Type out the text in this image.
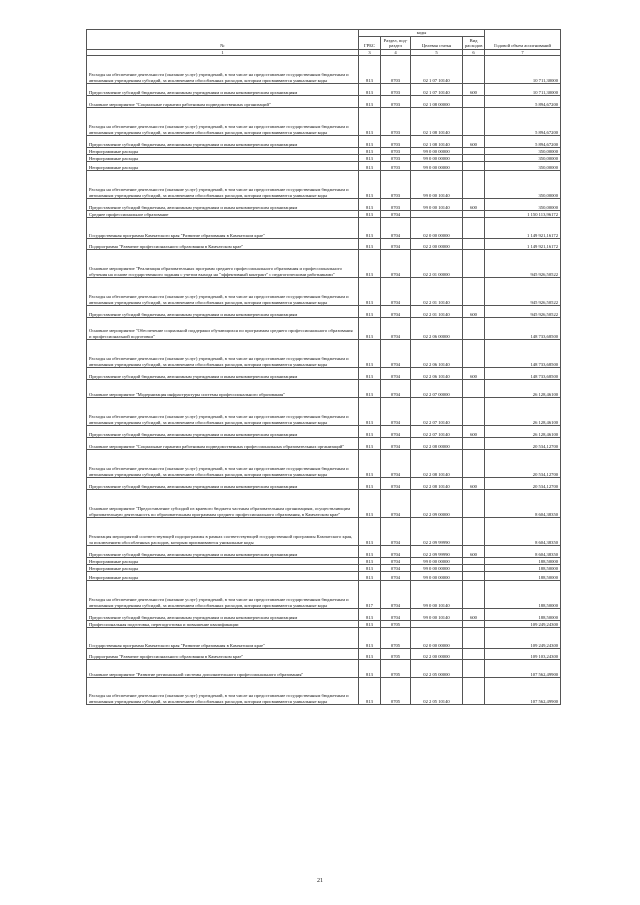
№	коды				Годовой объем ассигнований
	ГРБС	Раздел, под-раздел	Целевая статья	Вид расходов	
1	3	4	5	6	7
Расходы на обеспечение деятельности (оказание услуг) учреждений, в том числе на предоставление государственным бюджетным и автономным учреждениям субсидий, за исключением обособленных расходов, которым присваиваются уникальные коды	813	0703	02 1 07 10140		10 711,30000
Предоставление субсидий бюджетным, автономным учреждениям и иным некоммерческим организациям	813	0703	02 1 07 10140	600	10 711,30000
Основное мероприятие "Социальные гарантии работникам подведомственных организаций"	813	0703	02 1 08 00000		5 894,67200
Расходы на обеспечение деятельности (оказание услуг) учреждений, в том числе на предоставление государственным бюджетным и автономным учреждениям субсидий, за исключением обособленных расходов, которым присваиваются уникальные коды	813	0703	02 1 08 10140		5 894,67200
Предоставление субсидий бюджетным, автономным учреждениям и иным некоммерческим организациям	813	0703	02 1 08 10140	600	5 894,67200
Непрограммные расходы	813	0703	99 0 00 00000		350,00000
Непрограммные расходы	813	0703	99 0 00 00000		350,00000
Непрограммные расходы	813	0703	99 0 00 00000		350,00000
Расходы на обеспечение деятельности (оказание услуг) учреждений, в том числе на предоставление государственным бюджетным и автономным учреждениям субсидий, за исключением обособленных расходов, которым присваиваются уникальные коды	813	0703	99 0 00 10140		350,00000
Предоставление субсидий бюджетным, автономным учреждениям и иным некоммерческим организациям	813	0703	99 0 00 10140	600	350,00000
Среднее профессиональное образование	813	0704			1 150 113,96172
Государственная программа Камчатского края "Развитие образования в Камчатском крае"	813	0704	02 0 00 00000		1 149 921,16172
Подпрограмма "Развитие профессионального образования в Камчатском крае"	813	0704	02 2 00 00000		1 149 921,16172
Основное мероприятие "Реализация образовательных программ среднего профессионального образования и профессионального обучения на основе государственного задания с учетом выхода на "эффективный контракт" с педагогическими работниками"	813	0704	02 2 01 00000		945 926,50522
Расходы на обеспечение деятельности (оказание услуг) учреждений, в том числе на предоставление государственным бюджетным и автономным учреждениям субсидий, за исключением обособленных расходов, которым присваиваются уникальные коды	813	0704	02 2 01 10140		945 926,50522
Предоставление субсидий бюджетным, автономным учреждениям и иным некоммерческим организациям	813	0704	02 2 01 10140	600	945 926,50522
Основное мероприятие "Обеспечение социальной поддержки обучающихся по программам среднего профессионального образования и профессиональной подготовки"	813	0704	02 2 06 00000		148 733,68500
Расходы на обеспечение деятельности (оказание услуг) учреждений, в том числе на предоставление государственным бюджетным и автономным учреждениям субсидий, за исключением обособленных расходов, которым присваиваются уникальные коды	813	0704	02 2 06 10140		148 733,68500
Предоставление субсидий бюджетным, автономным учреждениям и иным некоммерческим организациям	813	0704	02 2 06 10140	600	148 733,68500
Основное мероприятие "Модернизация инфраструктуры системы профессионального образования"	813	0704	02 2 07 00000		26 128,46100
Расходы на обеспечение деятельности (оказание услуг) учреждений, в том числе на предоставление государственным бюджетным и автономным учреждениям субсидий, за исключением обособленных расходов, которым присваиваются уникальные коды	813	0704	02 2 07 10140		26 128,46100
Предоставление субсидий бюджетным, автономным учреждениям и иным некоммерческим организациям	813	0704	02 2 07 10140	600	26 128,46100
Основное мероприятие "Социальные гарантии работникам подведомственных профессиональных образовательных организаций"	813	0704	02 2 08 00000		20 534,12700
Расходы на обеспечение деятельности (оказание услуг) учреждений, в том числе на предоставление государственным бюджетным и автономным учреждениям субсидий, за исключением обособленных расходов, которым присваиваются уникальные коды	813	0704	02 2 08 10140		20 534,12700
Предоставление субсидий бюджетным, автономным учреждениям и иным некоммерческим организациям	813	0704	02 2 08 10140	600	20 534,12700
Основное мероприятие "Предоставление субсидий из краевого бюджета частным образовательным организациям, осуществляющим образовательную деятельность по образовательным программам среднего профессионального образования, в Камчатском крае"	813	0704	02 2 09 00000		8 604,38350
Реализация мероприятий соответствующей подпрограммы в рамках соответствующей государственной программы Камчатского края, за исключением обособленных расходов, которым присваиваются уникальные коды	813	0704	02 2 09 99990		8 604,38350
Предоставление субсидий бюджетным, автономным учреждениям и иным некоммерческим организациям	813	0704	02 2 09 99990	600	8 604,38350
Непрограммные расходы	813	0704	99 0 00 00000		188,50000
Непрограммные расходы	813	0704	99 0 00 00000		188,50000
Непрограммные расходы	813	0704	99 0 00 00000		188,50000
Расходы на обеспечение деятельности (оказание услуг) учреждений, в том числе на предоставление государственным бюджетным и автономным учреждениям субсидий, за исключением обособленных расходов, которым присваиваются уникальные коды	817	0704	99 0 00 10140		188,50000
Предоставление субсидий бюджетным, автономным учреждениям и иным некоммерческим организациям	813	0704	99 0 00 10140	600	188,50000
Профессиональная подготовка, переподготовка и повышение квалификации	813	0705			109 249,24300
Государственная программа Камчатского края "Развитие образования в Камчатском крае"	813	0705	02 0 00 00000		109 249,24300
Подпрограмма "Развитие профессионального образования в Камчатском крае"	813	0705	02 2 00 00000		109 103,24300
Основное мероприятие "Развитие региональной системы дополнительного профессионального образования"	813	0705	02 2 05 00000		107 562,49900
Расходы на обеспечение деятельности (оказание услуг) учреждений, в том числе на предоставление государственным бюджетным и автономным учреждениям субсидий, за исключением обособленных расходов, которым присваиваются уникальные коды	813	0705	02 2 05 10140		107 562,49900
21
